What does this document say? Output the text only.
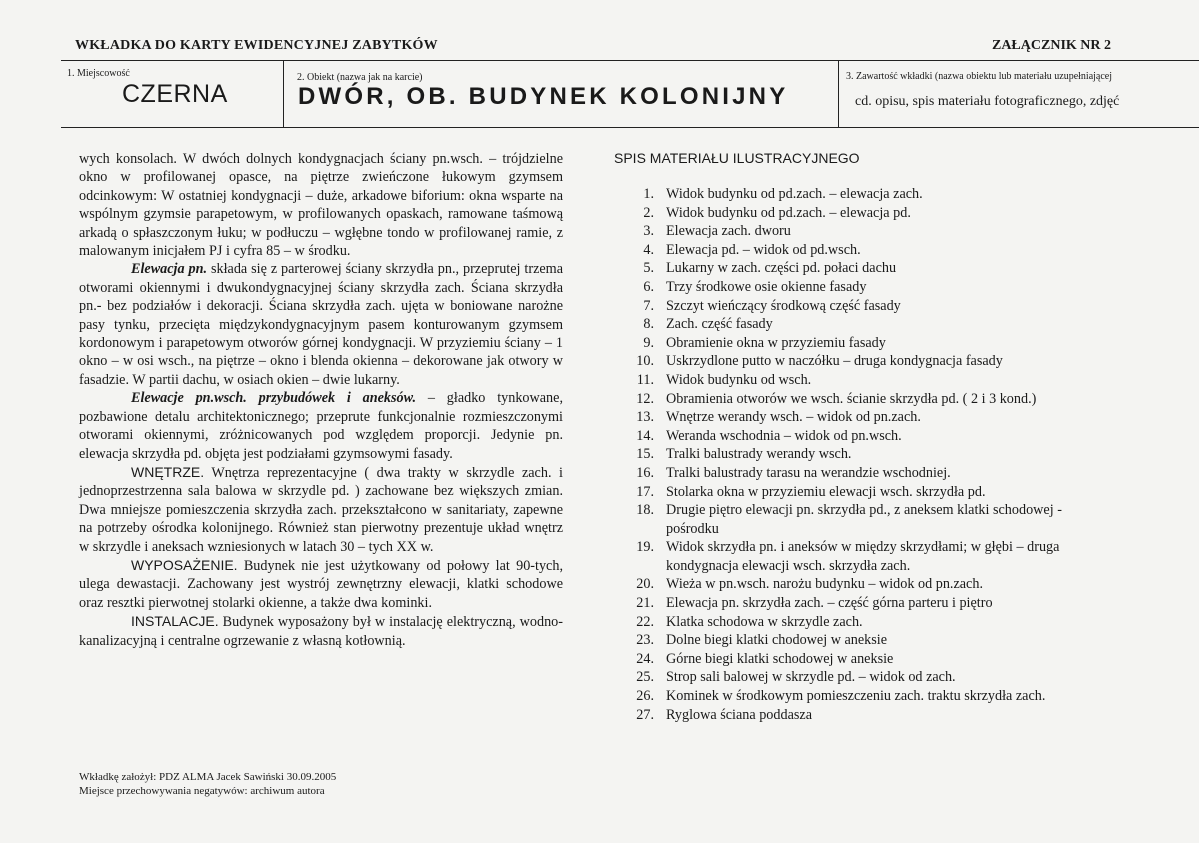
WKŁADKA DO KARTY EWIDENCYJNEJ ZABYTKÓW	ZAŁĄCZNIK NR 2
1. Miejscowość
CZERNA
2. Obiekt (nazwa jak na karcie)
DWÓR, OB. BUDYNEK KOLONIJNY
3. Zawartość wkładki (nazwa obiektu lub materiału uzupełniającej
cd. opisu, spis materiału fotograficznego, zdjęć

wych konsolach. W dwóch dolnych kondygnacjach ściany pn.wsch. – trójdzielne okno w profilowanej opasce, na piętrze zwieńczone łukowym gzymsem odcinkowym: W ostatniej kondygnacji – duże, arkadowe biforium: okna wsparte na wspólnym gzymsie parapetowym, w profilowanych opaskach, ramowane taśmową arkadą o spłaszczonym łuku; w podłuczu – wgłębne tondo w profilowanej ramie, z malowanym inicjałem PJ i cyfra 85 – w środku.

Elewacja pn. składa się z parterowej ściany skrzydła pn., przeprutej trzema otworami okiennymi i dwukondygnacyjnej ściany skrzydła zach. Ściana skrzydła pn.- bez podziałów i dekoracji. Ściana skrzydła zach. ujęta w boniowane narożne pasy tynku, przecięta międzykondygnacyjnym pasem konturowanym gzymsem kordonowym i parapetowym otworów górnej kondygnacji. W przyziemiu ściany – 1 okno – w osi wsch., na piętrze – okno i blenda okienna – dekorowane jak otwory w fasadzie. W partii dachu, w osiach okien – dwie lukarny.

Elewacje pn.wsch. przybudówek i aneksów. – gładko tynkowane, pozbawione detalu architektonicznego; przeprute funkcjonalnie rozmieszczonymi otworami okiennymi, zróżnicowanych pod względem proporcji. Jedynie pn. elewacja skrzydła pd. objęta jest podziałami gzymsowymi fasady.

WNĘTRZE. Wnętrza reprezentacyjne ( dwa trakty w skrzydle zach. i jednoprzestrzenna sala balowa w skrzydle pd. ) zachowane bez większych zmian. Dwa mniejsze pomieszczenia skrzydła zach. przekształcono w sanitariaty, zapewne na potrzeby ośrodka kolonijnego. Również stan pierwotny prezentuje układ wnętrz w skrzydle i aneksach wzniesionych w latach 30 – tych XX w.

WYPOSAŻENIE. Budynek nie jest użytkowany od połowy lat 90-tych, ulega dewastacji. Zachowany jest wystrój zewnętrzny elewacji, klatki schodowe oraz resztki pierwotnej stolarki okienne, a także dwa kominki.

INSTALACJE. Budynek wyposażony był w instalację elektryczną, wodno-kanalizacyjną i centralne ogrzewanie z własną kotłownią.

SPIS MATERIAŁU ILUSTRACYJNEGO
1. Widok budynku od pd.zach. – elewacja zach.
2. Widok budynku od pd.zach. – elewacja pd.
3. Elewacja zach. dworu
4. Elewacja pd. – widok od pd.wsch.
5. Lukarny w zach. części pd. połaci dachu
6. Trzy środkowe osie okienne fasady
7. Szczyt wieńczący środkową część fasady
8. Zach. część fasady
9. Obramienie okna w przyziemiu fasady
10. Uskrzydlone putto w naczółku – druga kondygnacja fasady
11. Widok budynku od wsch.
12. Obramienia otworów we wsch. ścianie skrzydła pd. ( 2 i 3 kond.)
13. Wnętrze werandy wsch. – widok od pn.zach.
14. Weranda wschodnia – widok od pn.wsch.
15. Tralki balustrady werandy wsch.
16. Tralki balustrady tarasu na werandzie wschodniej.
17. Stolarka okna w przyziemiu elewacji wsch. skrzydła pd.
18. Drugie piętro elewacji pn. skrzydła pd., z aneksem klatki schodowej - pośrodku
19. Widok skrzydła pn. i aneksów w między skrzydłami; w głębi – druga kondygnacja elewacji wsch. skrzydła zach.
20. Wieża w pn.wsch. narożu budynku – widok od pn.zach.
21. Elewacja pn. skrzydła zach. – część górna parteru i piętro
22. Klatka schodowa w skrzydle zach.
23. Dolne biegi klatki chodowej w aneksie
24. Górne biegi klatki schodowej w aneksie
25. Strop sali balowej w skrzydle pd. – widok od zach.
26. Kominek w środkowym pomieszczeniu zach. traktu skrzydła zach.
27. Ryglowa ściana poddasza
Wkładkę założył: PDZ ALMA Jacek Sawiński 30.09.2005
Miejsce przechowywania negatywów: archiwum autora
